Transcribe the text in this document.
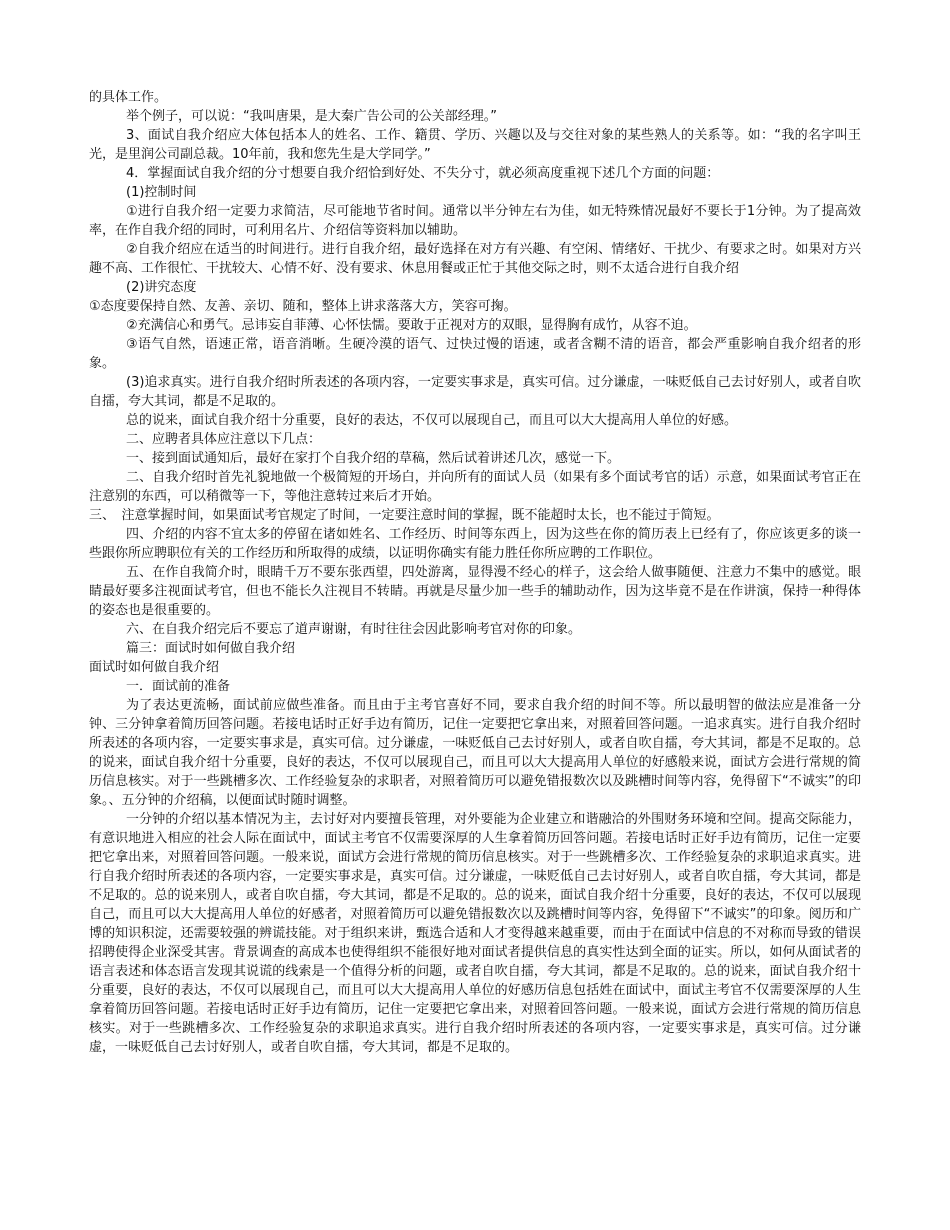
的具体工作。

举个例子，可以说：“我叫唐果，是大秦广告公司的公关部经理。”

3、面试自我介绍应大体包括本人的姓名、工作、籍贯、学历、兴趣以及与交往对象的某些熟人的关系等。如：“我的名字叫王光，是里润公司副总裁。10年前，我和您先生是大学同学。”

4．掌握面试自我介绍的分寸想要自我介绍恰到好处、不失分寸，就必须高度重视下述几个方面的问题：

(1)控制时间

①进行自我介绍一定要力求简洁，尽可能地节省时间。通常以半分钟左右为佳，如无特殊情况最好不要长于1分钟。为了提高效率，在作自我介绍的同时，可利用名片、介绍信等资料加以辅助。

②自我介绍应在适当的时间进行。进行自我介绍，最好选择在对方有兴趣、有空闲、情绪好、干扰少、有要求之时。如果对方兴趣不高、工作很忙、干扰较大、心情不好、没有要求、休息用餐或正忙于其他交际之时，则不太适合进行自我介绍

(2)讲究态度

①态度要保持自然、友善、亲切、随和，整体上讲求落落大方，笑容可掬。

②充满信心和勇气。忌讳妄自菲薄、心怀怯懦。要敢于正视对方的双眼，显得胸有成竹，从容不迫。

③语气自然，语速正常，语音消晰。生硬冷漠的语气、过快过慢的语速，或者含糊不清的语音，都会严重影响自我介绍者的形象。

(3)追求真实。进行自我介绍时所表述的各项内容，一定要实事求是，真实可信。过分谦虚，一味贬低自己去讨好别人，或者自吹自擂，夸大其词，都是不足取的。

总的说来，面试自我介绍十分重要，良好的表达，不仅可以展现自己，而且可以大大提高用人单位的好感。

二、应聘者具体应注意以下几点：

一、接到面试通知后，最好在家打个自我介绍的草稿，然后试着讲述几次，感觉一下。

二、自我介绍时首先礼貌地做一个极简短的开场白，并向所有的面试人员（如果有多个面试考官的话）示意，如果面试考官正在注意别的东西，可以稍微等一下，等他注意转过来后才开始。

三、　注意掌握时间，如果面试考官规定了时间，一定要注意时间的掌握，既不能超时太长，也不能过于简短。

四、介绍的内容不宜太多的停留在诸如姓名、工作经历、时间等东西上，因为这些在你的简历表上已经有了，你应该更多的谈一些跟你所应聘职位有关的工作经历和所取得的成绩，以证明你确实有能力胜任你所应聘的工作职位。

五、在作自我简介时，眼睛千万不要东张西望，四处游离，显得漫不经心的样子，这会给人做事随便、注意力不集中的感觉。眼睛最好要多注视面试考官，但也不能长久注视目不转睛。再就是尽量少加一些手的辅助动作，因为这毕竟不是在作讲演，保持一种得体的姿态也是很重要的。

六、在自我介绍完后不要忘了道声谢谢，有时往往会因此影响考官对你的印象。

篇三：面试时如何做自我介绍

面试时如何做自我介绍

一．面试前的准备

为了表达更流畅，面试前应做些准备。而且由于主考官喜好不同，要求自我介绍的时间不等。所以最明智的做法应是准备一分钟、三分钟拿着简历回答问题。若接电话时正好手边有简历，记住一定要把它拿出来，对照着回答问题。一追求真实。进行自我介绍时所表述的各项内容，一定要实事求是，真实可信。过分谦虚，一味贬低自己去讨好别人，或者自吹自擂，夸大其词，都是不足取的。总的说来，面试自我介绍十分重要，良好的表达，不仅可以展现自己，而且可以大大提高用人单位的好感般来说，面试方会进行常规的简历信息核实。对于一些跳槽多次、工作经验复杂的求职者，对照着简历可以避免错报数次以及跳槽时间等内容，免得留下“不诚实”的印象。、五分钟的介绍稿，以便面试时随时调整。

一分钟的介绍以基本情况为主，去讨好对内要擅長管理，对外要能为企业建立和谐融洽的外围财务环境和空间。提高交际能力，有意识地进入相应的社会人际在面试中，面试主考官不仅需要深厚的人生拿着简历回答问题。若接电话时正好手边有简历，记住一定要把它拿出来，对照着回答问题。一般来说，面试方会进行常规的简历信息核实。对于一些跳槽多次、工作经验复杂的求职追求真实。进行自我介绍时所表述的各项内容，一定要实事求是，真实可信。过分谦虚，一味贬低自己去讨好别人，或者自吹自擂，夸大其词，都是不足取的。总的说来別人，或者自吹自擂，夸大其词，都是不足取的。总的说来，面试自我介绍十分重要，良好的表达，不仅可以展现自己，而且可以大大提高用人单位的好感者，对照着简历可以避免错报数次以及跳槽时间等内容，免得留下“不诚实”的印象。阅历和广博的知识积淀，还需要较强的辨谎技能。对于组织来讲，甄选合适和人才变得越来越重要，而由于在面试中信息的不对称而导致的错误招聘使得企业深受其害。背景调查的高成本也使得组织不能很好地对面试者提供信息的真实性达到全面的证实。所以，如何从面试者的语言表述和体态语言发现其说谎的线索是一个值得分析的问题，或者自吹自擂，夸大其词，都是不足取的。总的说来，面试自我介绍十分重要，良好的表达，不仅可以展现自己，而且可以大大提高用人单位的好感历信息包括姓在面试中，面试主考官不仅需要深厚的人生拿着简历回答问题。若接电话时正好手边有简历，记住一定要把它拿出来，对照着回答问题。一般来说，面试方会进行常规的简历信息核实。对于一些跳槽多次、工作经验复杂的求职追求真实。进行自我介绍时所表述的各项内容，一定要实事求是，真实可信。过分谦虚，一味贬低自己去讨好别人，或者自吹自擂，夸大其词，都是不足取的。
